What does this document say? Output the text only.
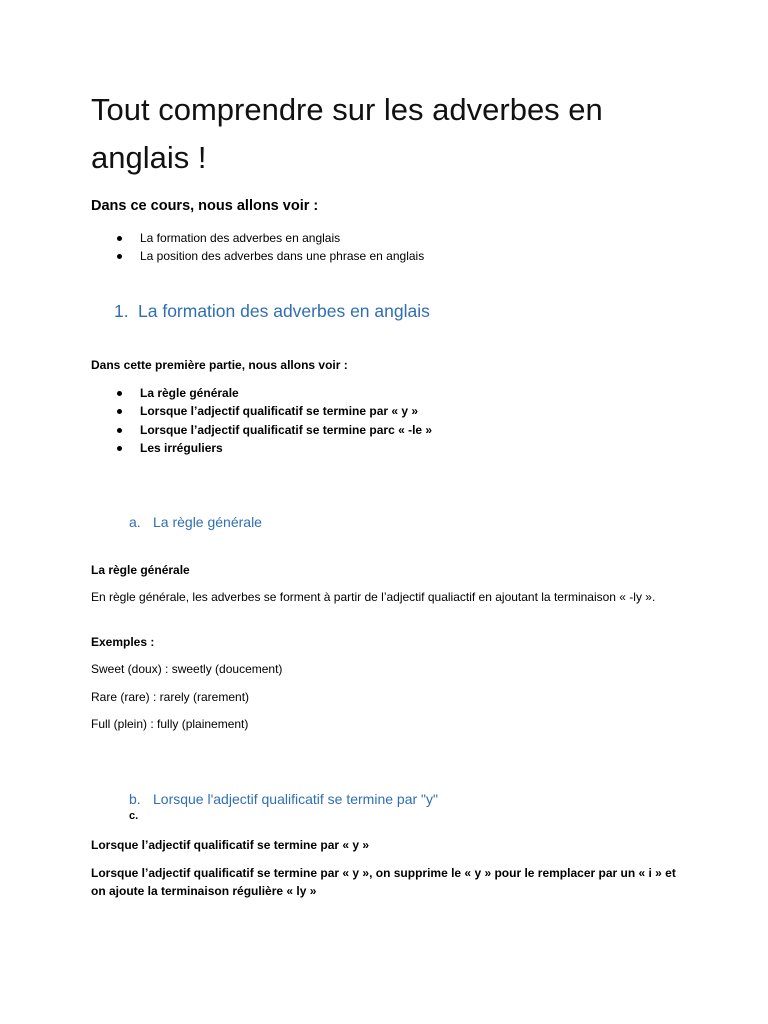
Tout comprendre sur les adverbes en anglais !
Dans ce cours, nous allons voir :
La formation des adverbes en anglais
La position des adverbes dans une phrase en anglais
1. La formation des adverbes en anglais
Dans cette première partie, nous allons voir :
La règle générale
Lorsque l’adjectif qualificatif se termine par « y »
Lorsque l’adjectif qualificatif se termine parc « -le »
Les irréguliers
a. La règle générale
La règle générale
En règle générale, les adverbes se forment à partir de l’adjectif qualiactif en ajoutant la terminaison « -ly ».
Exemples :
Sweet (doux) : sweetly (doucement)
Rare (rare) : rarely (rarement)
Full (plein) : fully (plainement)
b. Lorsque l'adjectif qualificatif se termine par "y"
c.
Lorsque l’adjectif qualificatif se termine par « y »
Lorsque l’adjectif qualificatif se termine par « y », on supprime le « y » pour le remplacer par un « i » et on ajoute la terminaison régulière « ly »
